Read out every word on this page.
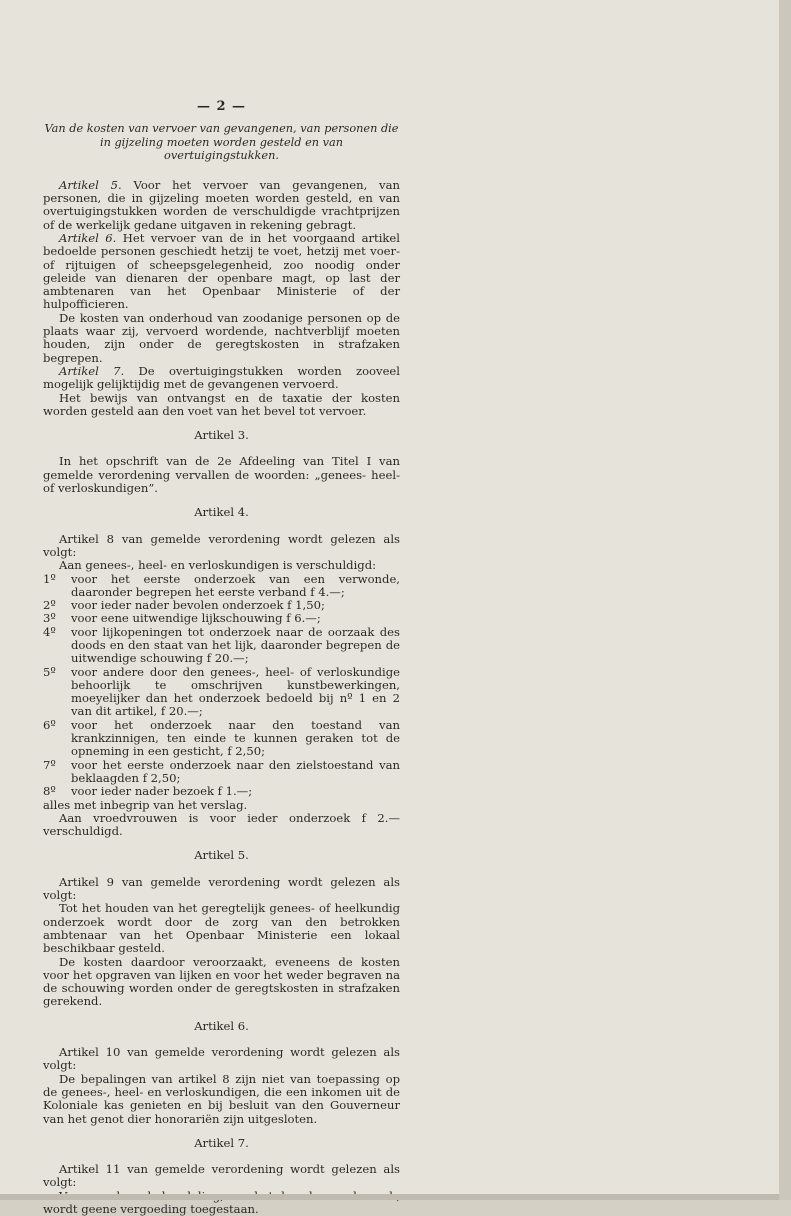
— 2 —
Van de kosten van vervoer van gevangenen, van personen die in gijzeling moeten worden gesteld en van overtuigingstukken.
Artikel 5. Voor het vervoer van gevangenen, van personen, die in gijzeling moeten worden gesteld, en van overtuigingstukken worden de verschuldigde vrachtprijzen of de werkelijk gedane uitgaven in rekening gebragt.
Artikel 6. Het vervoer van de in het voorgaand artikel bedoelde personen geschiedt hetzij te voet, hetzij met voer- of rijtuigen of scheepsgelegenheid, zoo noodig onder geleide van dienaren der openbare magt, op last der ambtenaren van het Openbaar Ministerie of der hulpofficieren.
De kosten van onderhoud van zoodanige personen op de plaats waar zij, vervoerd wordende, nachtverblijf moeten houden, zijn onder de geregtskosten in strafzaken begrepen.
Artikel 7. De overtuigingstukken worden zooveel mogelijk gelijktijdig met de gevangenen vervoerd.
Het bewijs van ontvangst en de taxatie der kosten worden gesteld aan den voet van het bevel tot vervoer.
Artikel 3.
In het opschrift van de 2e Afdeeling van Titel I van gemelde verordening vervallen de woorden: „genees- heel- of verloskundigen”.
Artikel 4.
Artikel 8 van gemelde verordening wordt gelezen als volgt:
Aan genees-, heel- en verloskundigen is verschuldigd:
1º voor het eerste onderzoek van een verwonde, daaronder begrepen het eerste verband f 4.—;
2º voor ieder nader bevolen onderzoek f 1,50;
3º voor eene uitwendige lijkschouwing f 6.—;
4º voor lijkopeningen tot onderzoek naar de oorzaak des doods en den staat van het lijk, daaronder begrepen de uitwendige schouwing f 20.—;
5º voor andere door den genees-, heel- of verloskundige behoorlijk te omschrijven kunstbewerkingen, moeyelijker dan het onderzoek bedoeld bij nº 1 en 2 van dit artikel, f 20.—;
6º voor het onderzoek naar den toestand van krankzinnigen, ten einde te kunnen geraken tot de opneming in een gesticht, f 2,50;
7º voor het eerste onderzoek naar den zielstoestand van beklaagden f 2,50;
8º voor ieder nader bezoek f 1.—;
alles met inbegrip van het verslag.
Aan vroedvrouwen is voor ieder onderzoek f 2.— verschuldigd.
Artikel 5.
Artikel 9 van gemelde verordening wordt gelezen als volgt:
Tot het houden van het geregtelijk genees- of heelkundig onderzoek wordt door de zorg van den betrokken ambtenaar van het Openbaar Ministerie een lokaal beschikbaar gesteld.
De kosten daardoor veroorzaakt, eveneens de kosten voor het opgraven van lijken en voor het weder begraven na de schouwing worden onder de geregtskosten in strafzaken gerekend.
Artikel 6.
Artikel 10 van gemelde verordening wordt gelezen als volgt:
De bepalingen van artikel 8 zijn niet van toepassing op de genees-, heel- en verloskundigen, die een inkomen uit de Koloniale kas genieten en bij besluit van den Gouverneur van het genot dier honorariën zijn uitgesloten.
Artikel 7.
Artikel 11 van gemelde verordening wordt gelezen als volgt:
wordt geene vergoeding toegestaan.
